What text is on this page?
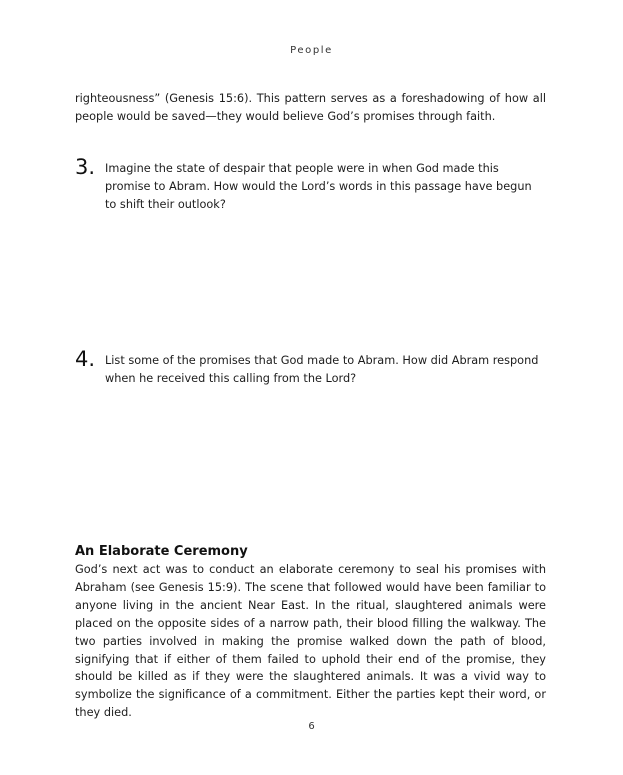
People

righteousness” (Genesis 15:6). This pattern serves as a foreshadowing of how all people would be saved—they would believe God’s promises through faith.

3. Imagine the state of despair that people were in when God made this promise to Abram. How would the Lord’s words in this passage have begun to shift their outlook?

4. List some of the promises that God made to Abram. How did Abram respond when he received this calling from the Lord?

An Elaborate Ceremony

God’s next act was to conduct an elaborate ceremony to seal his promises with Abraham (see Genesis 15:9). The scene that followed would have been familiar to anyone living in the ancient Near East. In the ritual, slaughtered animals were placed on the opposite sides of a narrow path, their blood filling the walkway. The two parties involved in making the promise walked down the path of blood, signifying that if either of them failed to uphold their end of the promise, they should be killed as if they were the slaughtered animals. It was a vivid way to symbolize the significance of a commitment. Either the parties kept their word, or they died.

6
